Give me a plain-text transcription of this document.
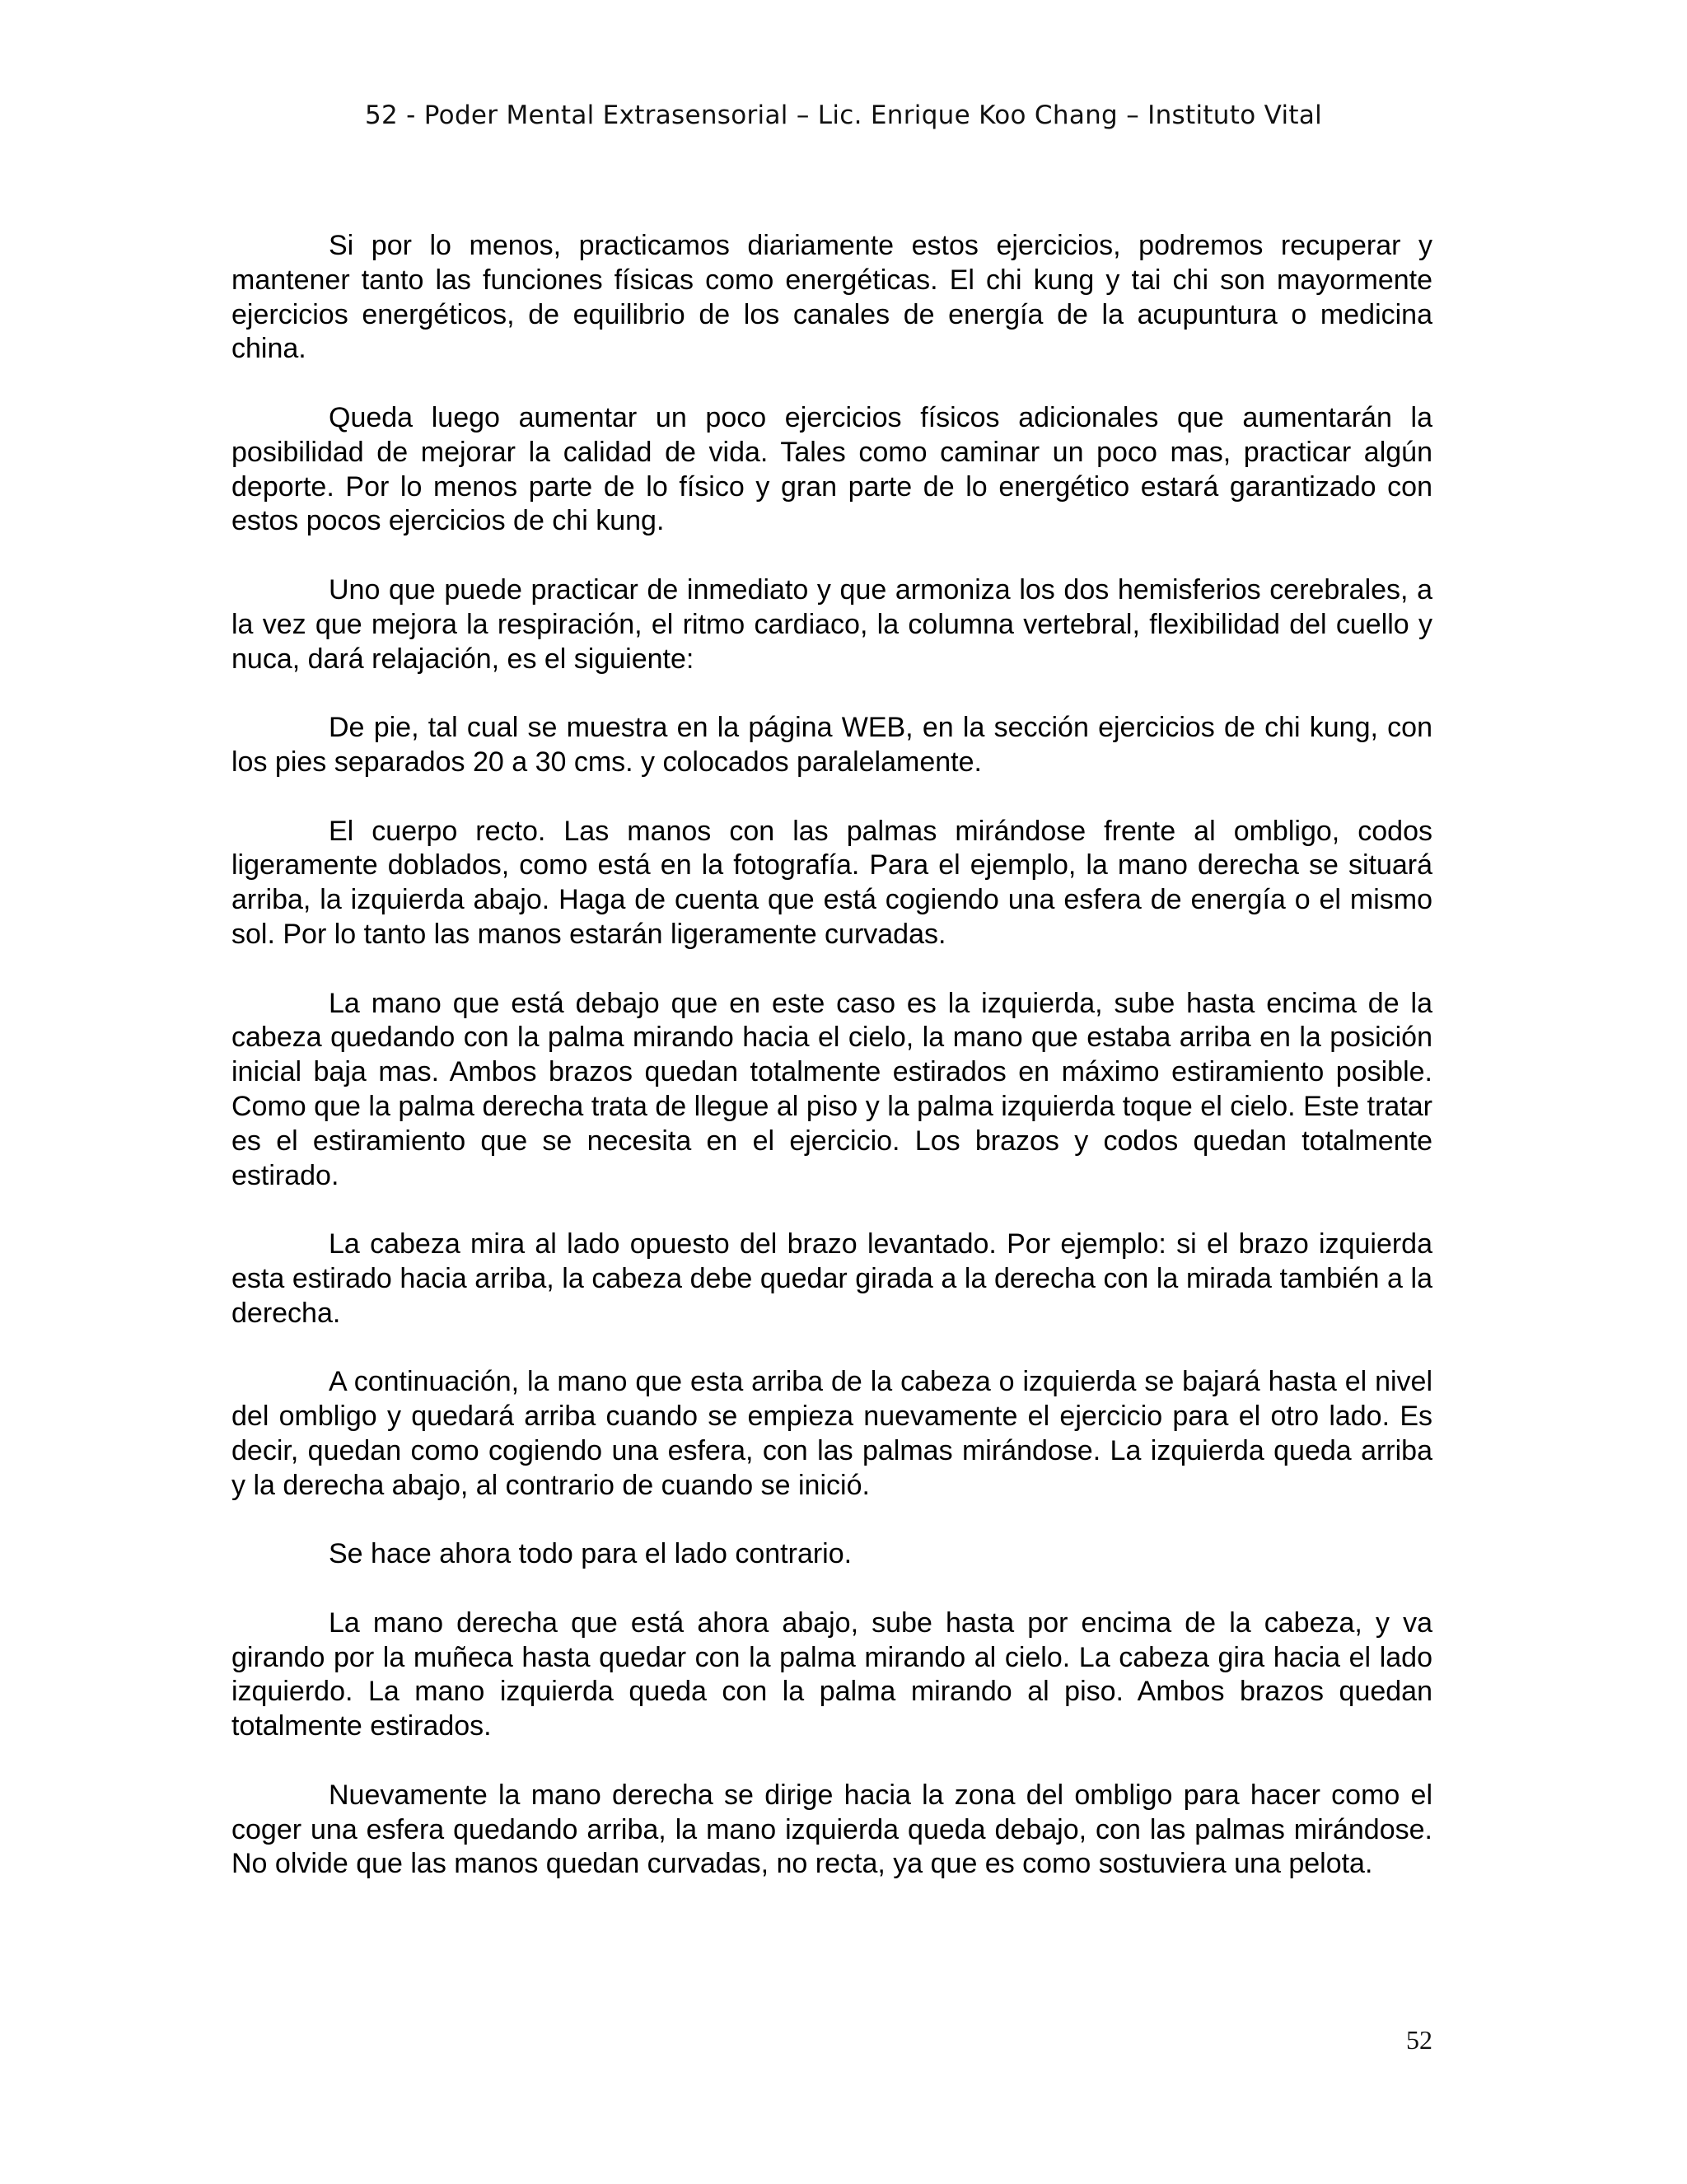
52 - Poder Mental Extrasensorial – Lic. Enrique Koo Chang – Instituto Vital

Si por lo menos, practicamos diariamente estos ejercicios, podremos recuperar y mantener tanto las funciones físicas como energéticas. El chi kung y tai chi son mayormente ejercicios energéticos, de equilibrio de los canales de energía de la acupuntura o medicina china.

Queda luego aumentar un poco ejercicios físicos adicionales que aumentarán la posibilidad de mejorar la calidad de vida. Tales como caminar un poco mas, practicar algún deporte. Por lo menos parte de lo físico y gran parte de lo energético estará garantizado con estos pocos ejercicios de chi kung.

Uno que puede practicar de inmediato y que armoniza los dos hemisferios cerebrales, a la vez que mejora la respiración, el ritmo cardiaco, la columna vertebral, flexibilidad del cuello y nuca, dará relajación, es el siguiente:

De pie, tal cual se muestra en la página WEB, en la sección ejercicios de chi kung, con los pies separados 20 a 30 cms. y colocados paralelamente.

El cuerpo recto. Las manos con las palmas mirándose frente al ombligo, codos ligeramente doblados, como está en la fotografía. Para el ejemplo, la mano derecha se situará arriba, la izquierda abajo. Haga de cuenta que está cogiendo una esfera de energía o el mismo sol. Por lo tanto las manos estarán ligeramente curvadas.

La mano que está debajo que en este caso es la izquierda, sube hasta encima de la cabeza quedando con la palma mirando hacia el cielo, la mano que estaba arriba en la posición inicial baja mas. Ambos brazos quedan totalmente estirados en máximo estiramiento posible. Como que la palma derecha trata de llegue al piso y la palma izquierda toque el cielo. Este tratar es el estiramiento que se necesita en el ejercicio. Los brazos y codos quedan totalmente estirado.

La cabeza mira al lado opuesto del brazo levantado. Por ejemplo: si el brazo izquierda esta estirado hacia arriba, la cabeza debe quedar girada a la derecha con la mirada también a la derecha.

A continuación, la mano que esta arriba de la cabeza o izquierda se bajará hasta el nivel del ombligo y quedará arriba cuando se empieza nuevamente el ejercicio para el otro lado. Es decir, quedan como cogiendo una esfera, con las palmas mirándose. La izquierda queda arriba y la derecha abajo, al contrario de cuando se inició.

Se hace ahora todo para el lado contrario.

La mano derecha que está ahora abajo, sube hasta por encima de la cabeza, y va girando por la muñeca hasta quedar con la palma mirando al cielo. La cabeza gira hacia el lado izquierdo. La mano izquierda queda con la palma mirando al piso. Ambos brazos quedan totalmente estirados.

Nuevamente la mano derecha se dirige hacia la zona del ombligo para hacer como el coger una esfera quedando arriba, la mano izquierda queda debajo, con las palmas mirándose. No olvide que las manos quedan curvadas, no recta, ya que es como sostuviera una pelota.

52
